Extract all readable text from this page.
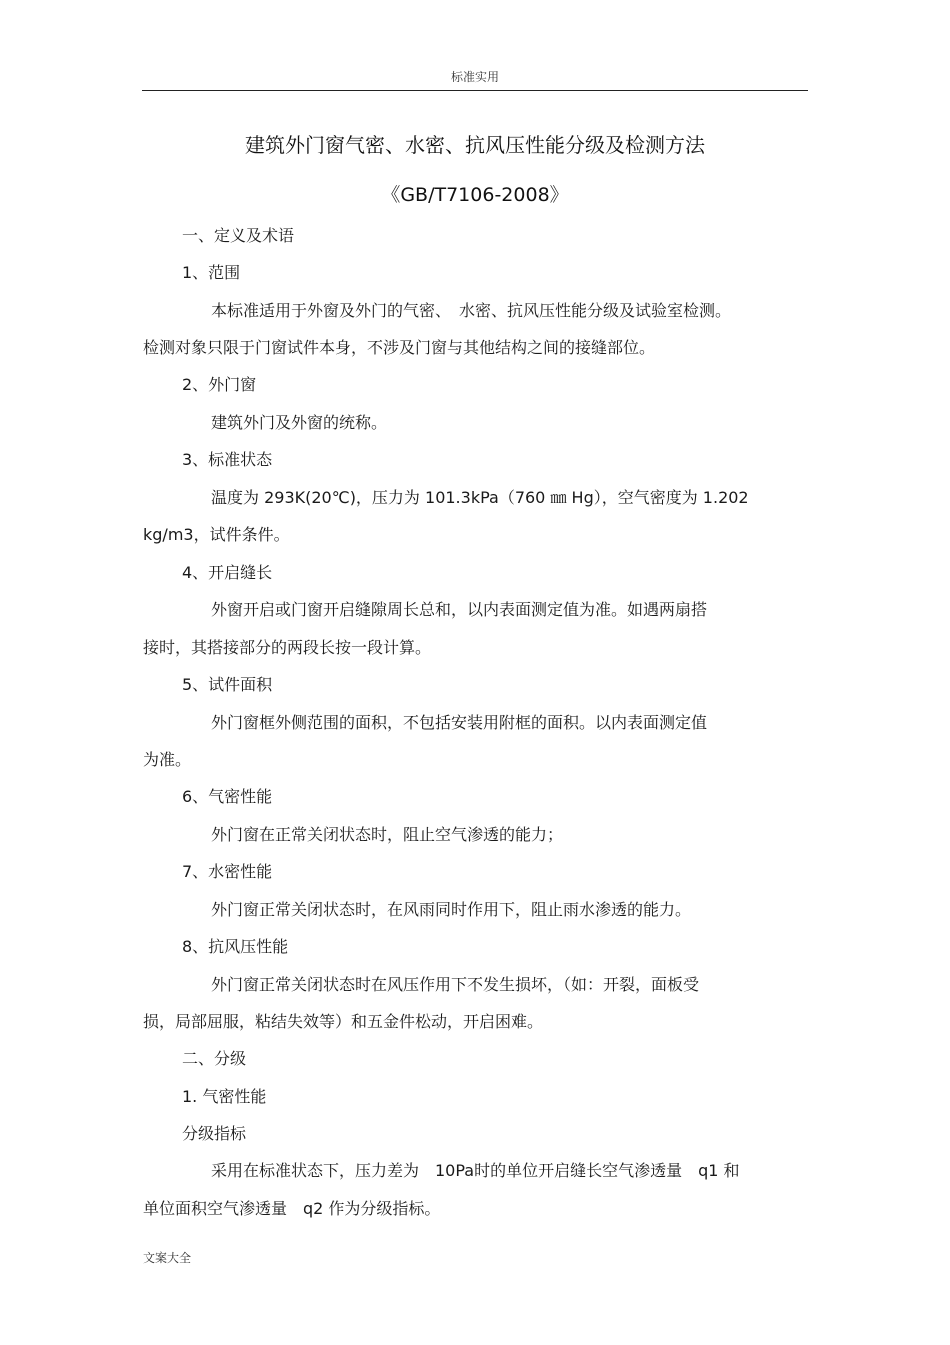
标准实用
建筑外门窗气密、水密、抗风压性能分级及检测方法
《GB/T7106-2008》
一、定义及术语
1、范围
本标准适用于外窗及外门的气密、　水密、抗风压性能分级及试验室检测。
检测对象只限于门窗试件本身，不涉及门窗与其他结构之间的接缝部位。
2、外门窗
建筑外门及外窗的统称。
3、标准状态
温度为 293K(20℃)，压力为 101.3kPa（760 ㎜ Hg），空气密度为 1.202
kg/m3，试件条件。
4、开启缝长
外窗开启或门窗开启缝隙周长总和，以内表面测定值为准。如遇两扇搭
接时，其搭接部分的两段长按一段计算。
5、试件面积
外门窗框外侧范围的面积，不包括安装用附框的面积。以内表面测定值
为准。
6、气密性能
外门窗在正常关闭状态时，阻止空气渗透的能力；
7、水密性能
外门窗正常关闭状态时，在风雨同时作用下，阻止雨水渗透的能力。
8、抗风压性能
外门窗正常关闭状态时在风压作用下不发生损坏，（如：开裂，面板受
损，局部屈服，粘结失效等）和五金件松动，开启困难。
二、分级
1. 气密性能
分级指标
采用在标准状态下，压力差为　10Pa时的单位开启缝长空气渗透量　q1 和
单位面积空气渗透量　q2 作为分级指标。
文案大全
